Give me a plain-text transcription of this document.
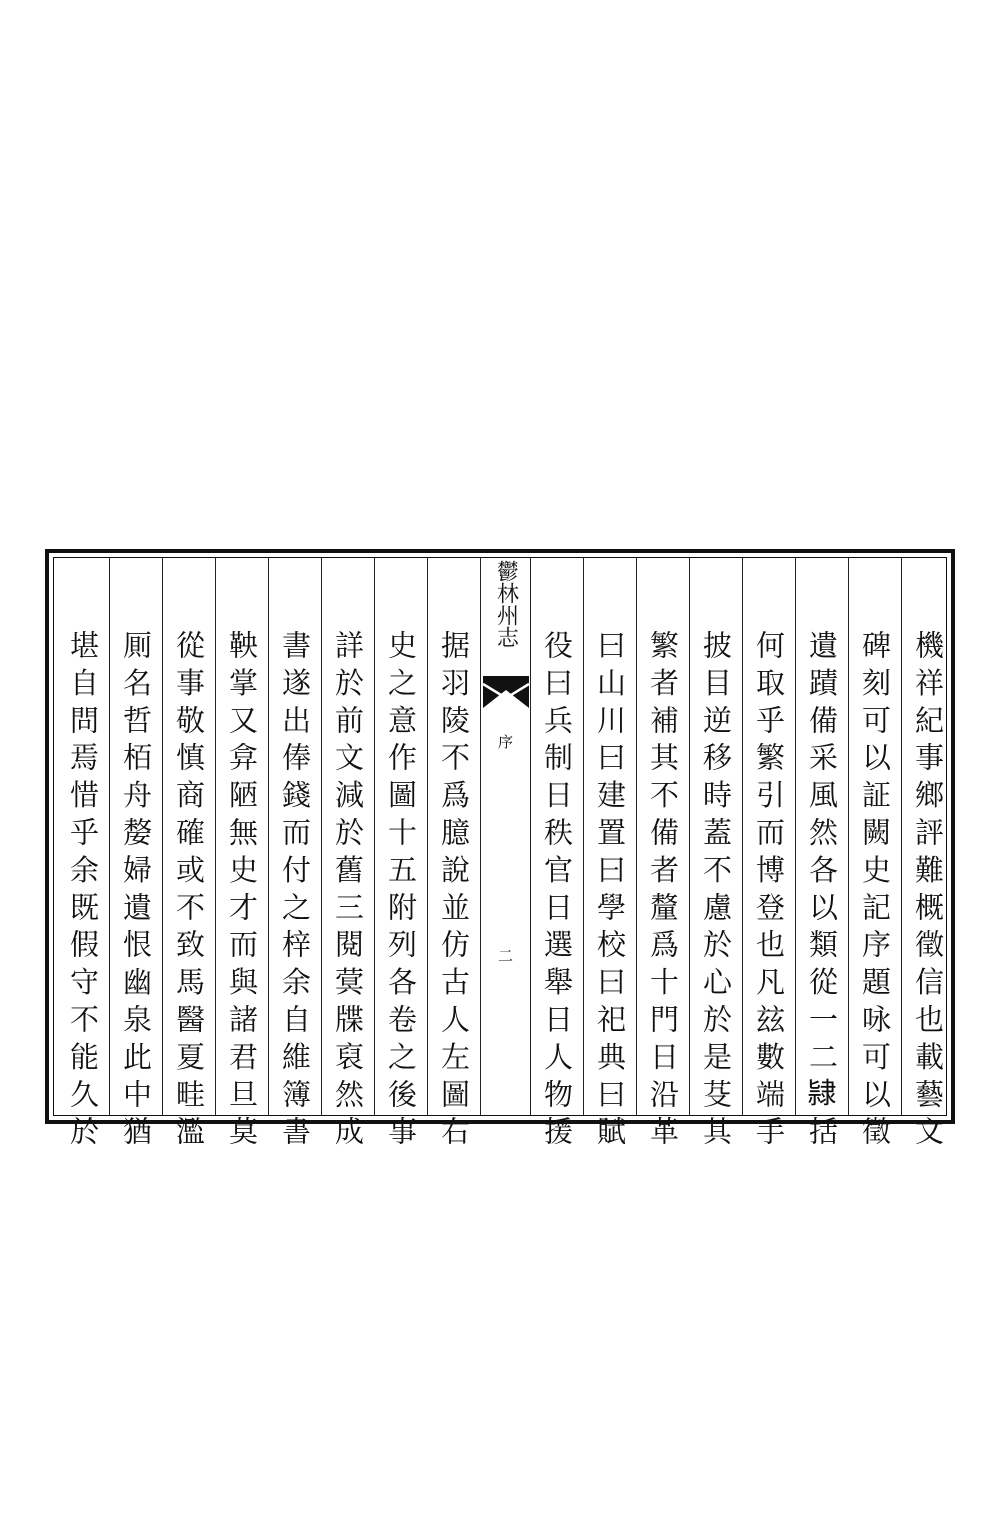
機祥紀事鄉評難概徵信也載藝文
碑刻可以証闕史記序題咏可以徵
遺蹟備采風然各以類從一二𨽻括
何取乎繁引而博登也凡玆數端手
披目逆移時蓋不慮於心於是芟其
繁者補其不備者釐爲十門日沿革
曰山川曰建置曰學校曰祀典曰賦
役曰兵制日秩官日選舉日人物援
鬱林州志
序
二
据羽陵不爲臆說並仿古人左圖右
史之意作圖十五附列各卷之後事
詳於前文減於舊三閱蓂牒裒然成
書遂出俸錢而付之梓余自維簿書
鞅掌又弇陋無史才而與諸君旦莫
從事敬慎商確或不致馬醫夏畦濫
厠名哲栢舟嫠婦遺恨幽泉此中猶
堪自問焉惜乎余既假守不能久於
